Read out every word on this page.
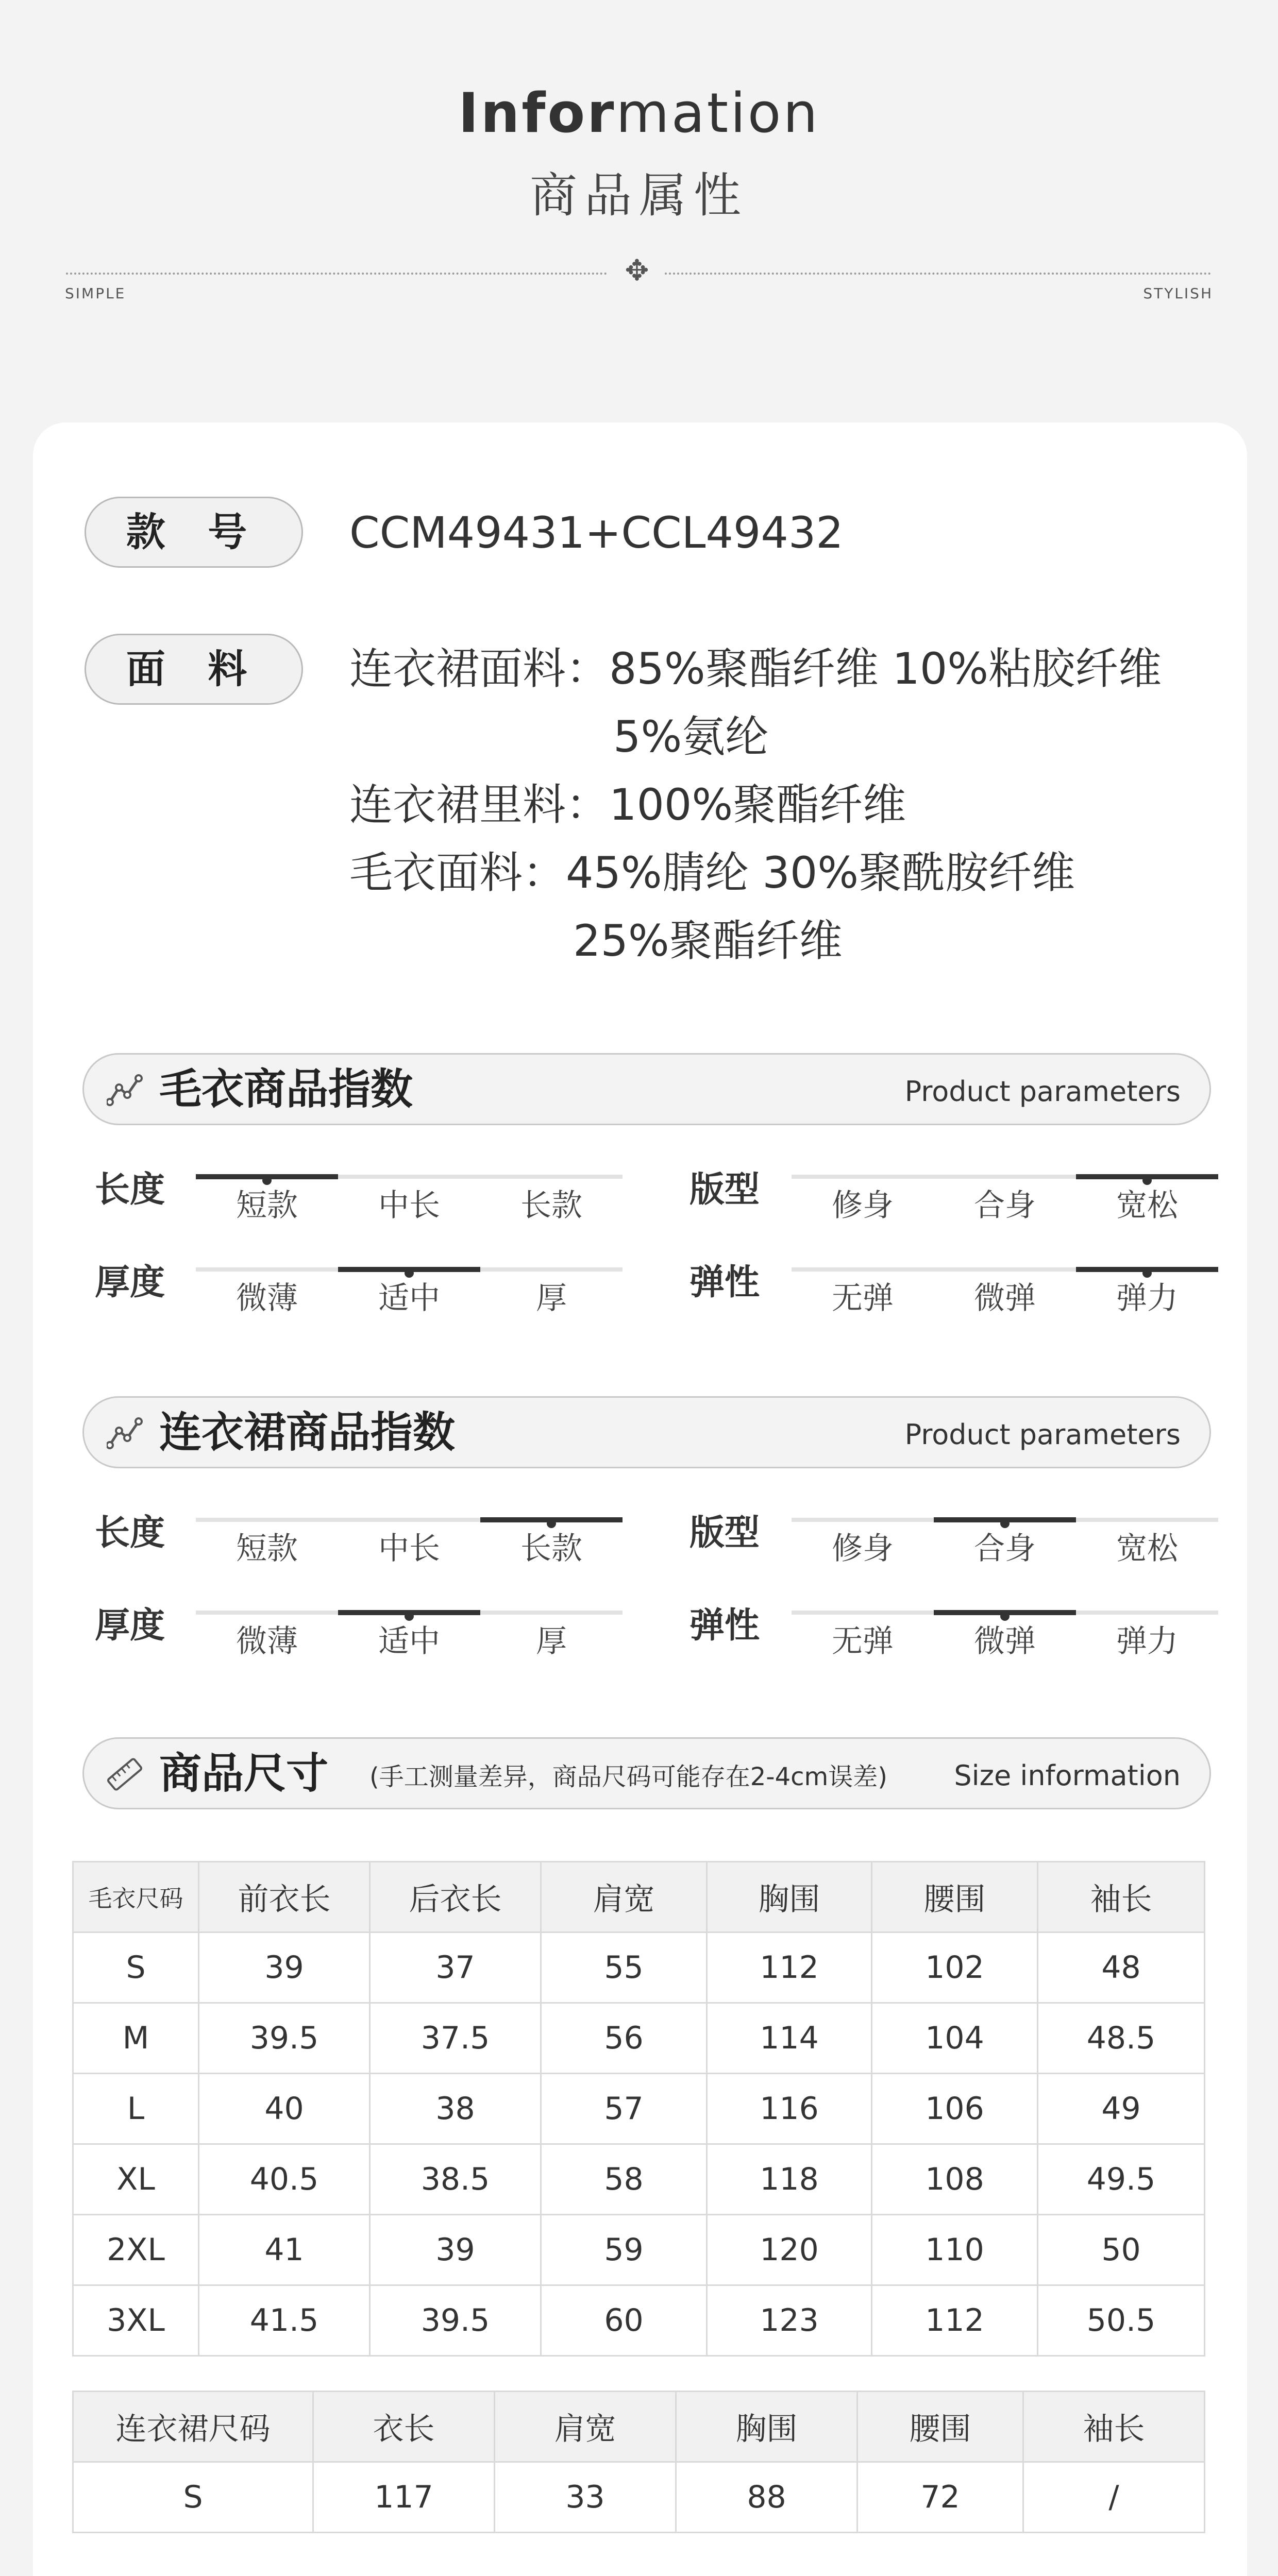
Information
商品属性
✥
SIMPLE	STYLISH
款 号	CCM49431+CCL49432
面 料	连衣裙面料：85%聚酯纤维 10%粘胶纤维
5%氨纶
连衣裙里料：100%聚酯纤维
毛衣面料：45%腈纶 30%聚酰胺纤维
25%聚酯纤维
毛衣商品指数	Product parameters
长度	短款	中长	长款	版型	修身	合身	宽松
厚度	微薄	适中	厚	弹性	无弹	微弹	弹力
连衣裙商品指数	Product parameters
长度	短款	中长	长款	版型	修身	合身	宽松
厚度	微薄	适中	厚	弹性	无弹	微弹	弹力
商品尺寸 (手工测量差异，商品尺码可能存在2-4cm误差) Size information
毛衣尺码	前衣长	后衣长	肩宽	胸围	腰围	袖长
S	39	37	55	112	102	48
M	39.5	37.5	56	114	104	48.5
L	40	38	57	116	106	49
XL	40.5	38.5	58	118	108	49.5
2XL	41	39	59	120	110	50
3XL	41.5	39.5	60	123	112	50.5
连衣裙尺码	衣长	肩宽	胸围	腰围	袖长
S	117	33	88	72	/
